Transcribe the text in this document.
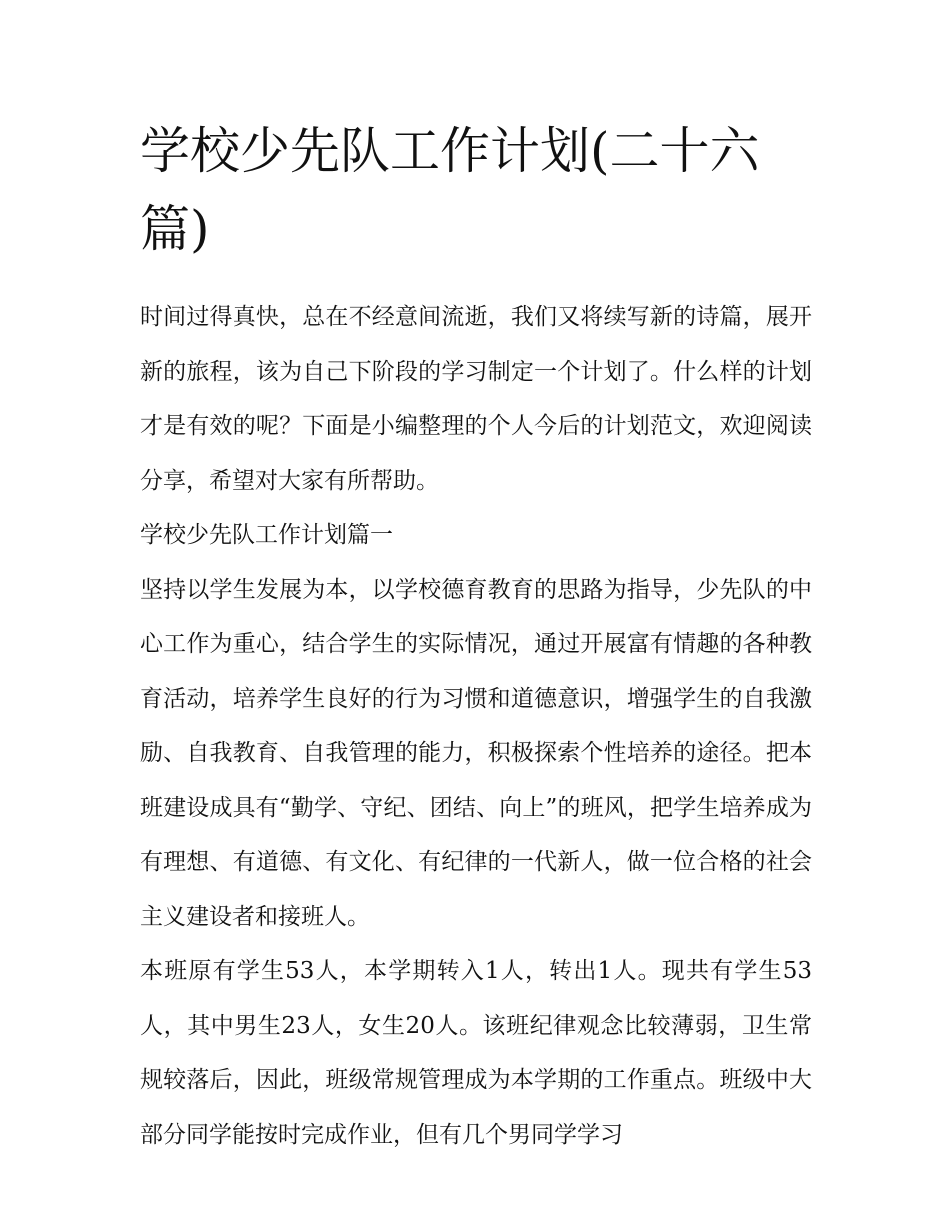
学校少先队工作计划(二十六篇)

时间过得真快，总在不经意间流逝，我们又将续写新的诗篇，展开新的旅程，该为自己下阶段的学习制定一个计划了。什么样的计划才是有效的呢？下面是小编整理的个人今后的计划范文，欢迎阅读分享，希望对大家有所帮助。

学校少先队工作计划篇一

坚持以学生发展为本，以学校德育教育的思路为指导，少先队的中心工作为重心，结合学生的实际情况，通过开展富有情趣的各种教育活动，培养学生良好的行为习惯和道德意识，增强学生的自我激励、自我教育、自我管理的能力，积极探索个性培养的途径。把本班建设成具有“勤学、守纪、团结、向上”的班风，把学生培养成为有理想、有道德、有文化、有纪律的一代新人，做一位合格的社会主义建设者和接班人。

本班原有学生53人，本学期转入1人，转出1人。现共有学生53人，其中男生23人，女生20人。该班纪律观念比较薄弱，卫生常规较落后，因此，班级常规管理成为本学期的工作重点。班级中大部分同学能按时完成作业，但有几个男同学学习
